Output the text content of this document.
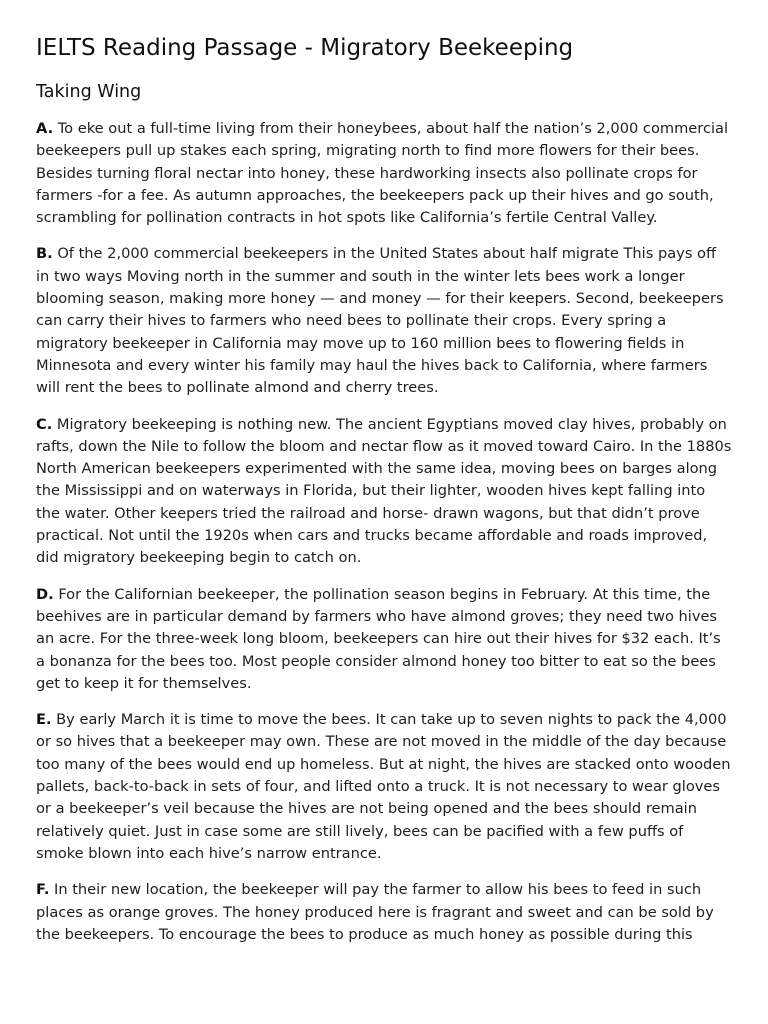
IELTS Reading Passage - Migratory Beekeeping
Taking Wing

A. To eke out a full-time living from their honeybees, about half the nation’s 2,000 commercial beekeepers pull up stakes each spring, migrating north to find more flowers for their bees. Besides turning floral nectar into honey, these hardworking insects also pollinate crops for farmers -for a fee. As autumn approaches, the beekeepers pack up their hives and go south, scrambling for pollination contracts in hot spots like California’s fertile Central Valley.

B. Of the 2,000 commercial beekeepers in the United States about half migrate This pays off in two ways Moving north in the summer and south in the winter lets bees work a longer blooming season, making more honey — and money — for their keepers. Second, beekeepers can carry their hives to farmers who need bees to pollinate their crops. Every spring a migratory beekeeper in California may move up to 160 million bees to flowering fields in Minnesota and every winter his family may haul the hives back to California, where farmers will rent the bees to pollinate almond and cherry trees.

C. Migratory beekeeping is nothing new. The ancient Egyptians moved clay hives, probably on rafts, down the Nile to follow the bloom and nectar flow as it moved toward Cairo. In the 1880s North American beekeepers experimented with the same idea, moving bees on barges along the Mississippi and on waterways in Florida, but their lighter, wooden hives kept falling into the water. Other keepers tried the railroad and horse- drawn wagons, but that didn’t prove practical. Not until the 1920s when cars and trucks became affordable and roads improved, did migratory beekeeping begin to catch on.

D. For the Californian beekeeper, the pollination season begins in February. At this time, the beehives are in particular demand by farmers who have almond groves; they need two hives an acre. For the three-week long bloom, beekeepers can hire out their hives for $32 each. It’s a bonanza for the bees too. Most people consider almond honey too bitter to eat so the bees get to keep it for themselves.

E. By early March it is time to move the bees. It can take up to seven nights to pack the 4,000 or so hives that a beekeeper may own. These are not moved in the middle of the day because too many of the bees would end up homeless. But at night, the hives are stacked onto wooden pallets, back-to-back in sets of four, and lifted onto a truck. It is not necessary to wear gloves or a beekeeper’s veil because the hives are not being opened and the bees should remain relatively quiet. Just in case some are still lively, bees can be pacified with a few puffs of smoke blown into each hive’s narrow entrance.

F. In their new location, the beekeeper will pay the farmer to allow his bees to feed in such places as orange groves. The honey produced here is fragrant and sweet and can be sold by the beekeepers. To encourage the bees to produce as much honey as possible during this
